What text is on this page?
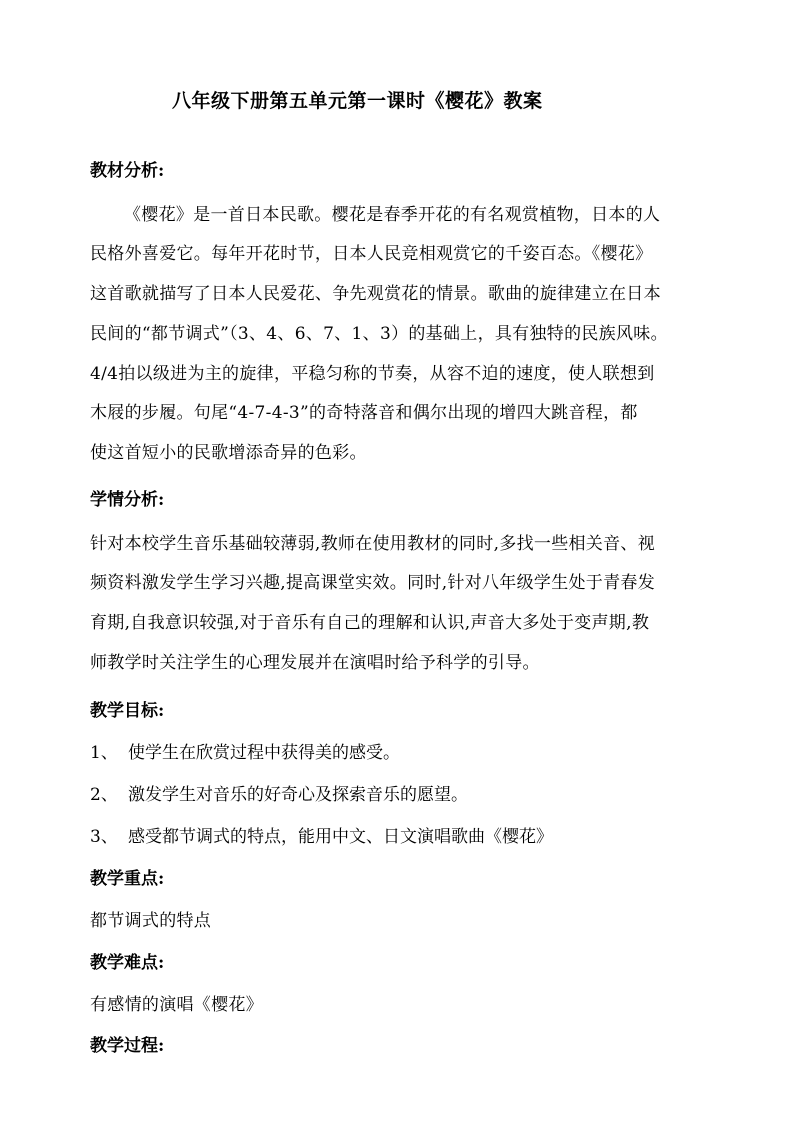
八年级下册第五单元第一课时《樱花》教案
教材分析:
《樱花》是一首日本民歌。樱花是春季开花的有名观赏植物，日本的人
民格外喜爱它。每年开花时节，日本人民竞相观赏它的千姿百态。《樱花》
这首歌就描写了日本人民爱花、争先观赏花的情景。歌曲的旋律建立在日本
民间的“都节调式”（3、4、6、7、1、3）的基础上，具有独特的民族风味。
4/4拍以级进为主的旋律，平稳匀称的节奏，从容不迫的速度，使人联想到
木屐的步履。句尾“4-7-4-3”的奇特落音和偶尔出现的增四大跳音程，都
使这首短小的民歌增添奇异的色彩。
学情分析:
针对本校学生音乐基础较薄弱,教师在使用教材的同时,多找一些相关音、视
频资料激发学生学习兴趣,提高课堂实效。同时,针对八年级学生处于青春发
育期,自我意识较强,对于音乐有自己的理解和认识,声音大多处于变声期,教
师教学时关注学生的心理发展并在演唱时给予科学的引导。
教学目标:
1、 使学生在欣赏过程中获得美的感受。
2、 激发学生对音乐的好奇心及探索音乐的愿望。
3、 感受都节调式的特点，能用中文、日文演唱歌曲《樱花》
教学重点:
都节调式的特点
教学难点:
有感情的演唱《樱花》
教学过程:
